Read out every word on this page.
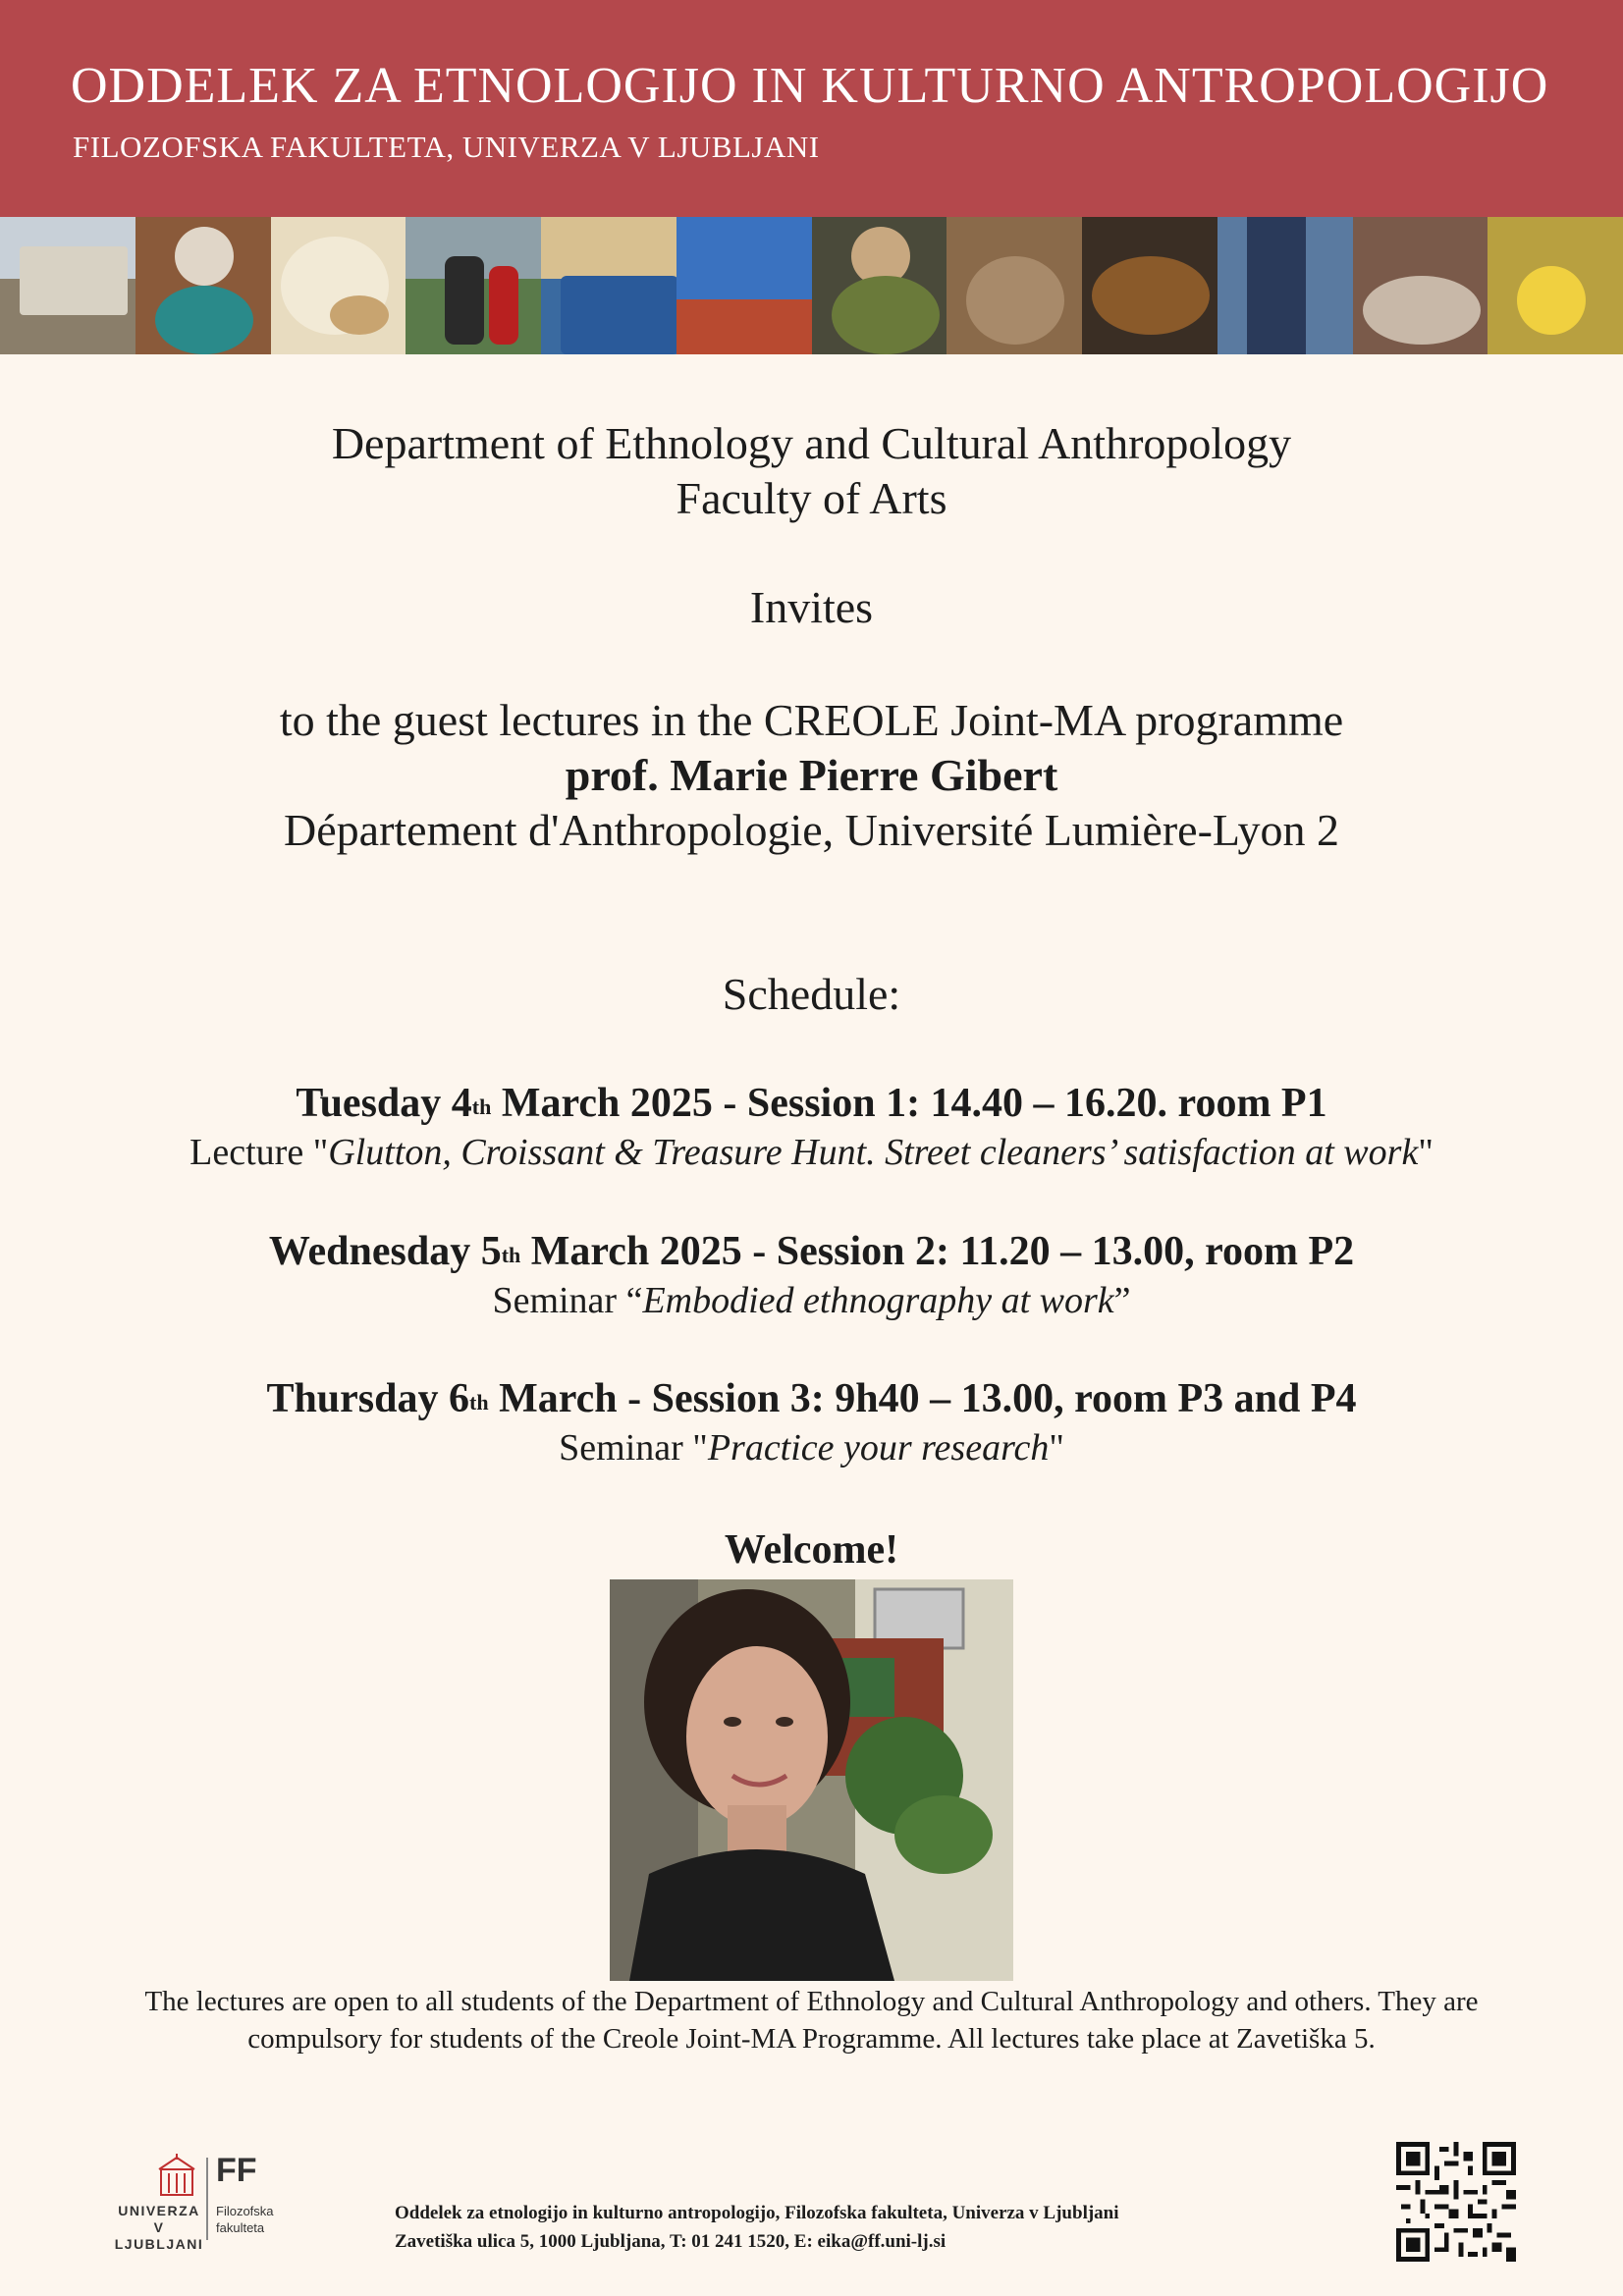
ODDELEK ZA ETNOLOGIJO IN KULTURNO ANTROPOLOGIJO
FILOZOFSKA FAKULTETA, UNIVERZA V LJUBLJANI
Department of Ethnology and Cultural Anthropology
Faculty of Arts
Invites
to the guest lectures in the CREOLE Joint-MA programme
prof. Marie Pierre Gibert
Département d'Anthropologie, Université Lumière-Lyon 2
Schedule:
Tuesday 4th March 2025 - Session 1: 14.40 – 16.20. room P1
Lecture "Glutton, Croissant & Treasure Hunt. Street cleaners’ satisfaction at work"
Wednesday 5th March 2025 - Session 2: 11.20 – 13.00, room P2
Seminar “Embodied ethnography at work”
Thursday 6th March - Session 3: 9h40 – 13.00, room P3 and P4
Seminar "Practice your research"
Welcome!
The lectures are open to all students of the Department of Ethnology and Cultural Anthropology and others. They are
compulsory for students of the Creole Joint-MA Programme. All lectures take place at Zavetiška 5.
UNIVERZA
V LJUBLJANI
FF
Filozofska
fakulteta
Oddelek za etnologijo in kulturno antropologijo, Filozofska fakulteta, Univerza v Ljubljani
Zavetiška ulica 5, 1000 Ljubljana, T: 01 241 1520, E: eika@ff.uni-lj.si
